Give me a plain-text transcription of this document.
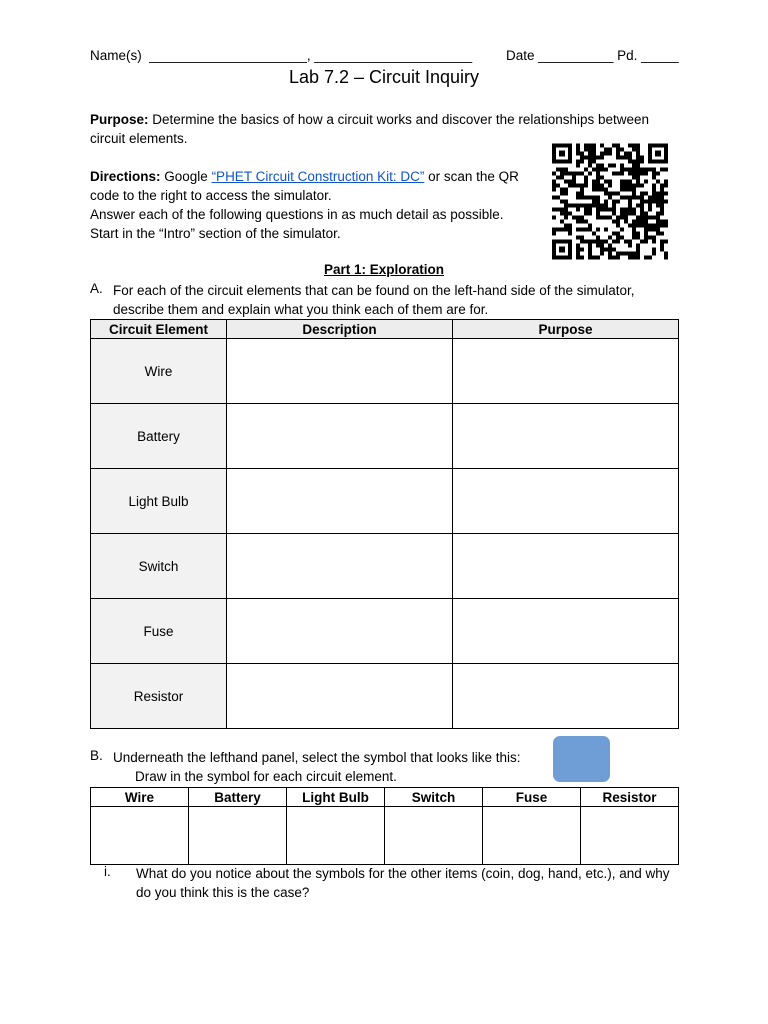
Name(s)  _____________________, _____________________	Date __________ Pd. _____
Lab 7.2 – Circuit Inquiry
Purpose: Determine the basics of how a circuit works and discover the relationships between circuit elements.
Directions: Google “PHET Circuit Construction Kit: DC” or scan the QR code to the right to access the simulator.
Answer each of the following questions in as much detail as possible.
Start in the “Intro” section of the simulator.
Part 1: Exploration
A. For each of the circuit elements that can be found on the left-hand side of the simulator, describe them and explain what you think each of them are for.
Circuit Element	Description	Purpose
Wire		
Battery		
Light Bulb		
Switch		
Fuse		
Resistor		
B. Underneath the lefthand panel, select the symbol that looks like this:
Draw in the symbol for each circuit element.
Wire	Battery	Light Bulb	Switch	Fuse	Resistor

i. What do you notice about the symbols for the other items (coin, dog, hand, etc.), and why do you think this is the case?
